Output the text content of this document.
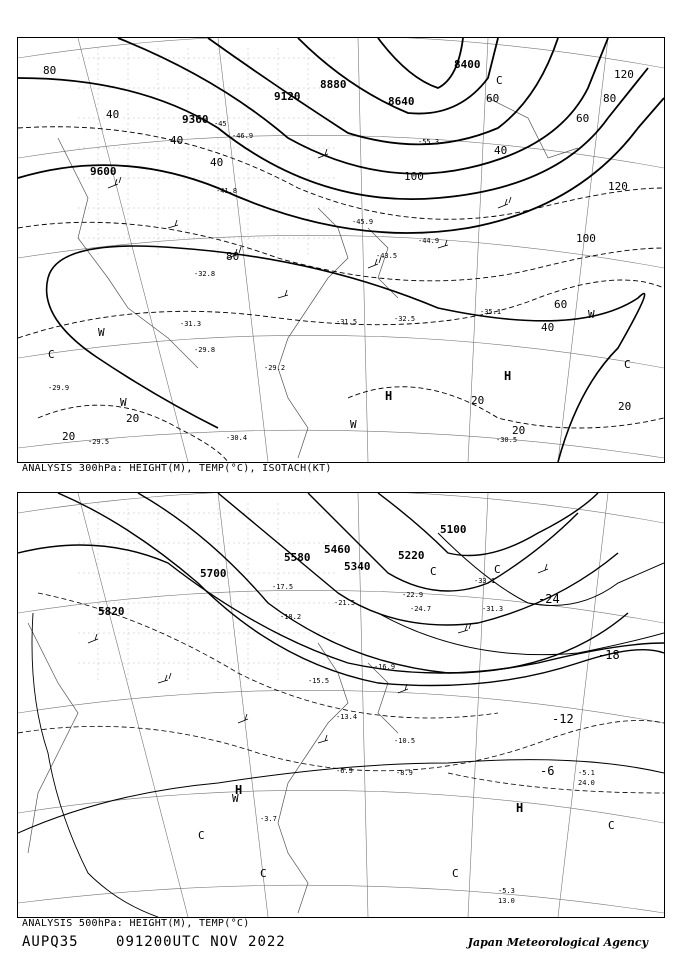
9600
9360
9120
8880
8640
8400
80
40
40
40
80
100
120
60
40
60
80
60
40
20
20	20
20	20
100
120
H
H
W
W
W
W
C
C
C
-45
-41.8
-46.9
-55.3
-45.9
-44.9
-43.5
-31.3
-32.8
-35.1
-32.5
-31.5
-29.9
-29.8
-29.5	-30.5
-29.2
-30.4
ANALYSIS 300hPa: HEIGHT(M), TEMP(°C), ISOTACH(KT)
5820
5700
5580
5460
5340
5220
5100
-24
-18
-12
-6
H
H
C
C
C
C
W
C	C
-17.5
-18.2
-21.5
-22.9
-24.7
-33.1
-31.3
-16.9
-15.5
-13.4
-10.5
-8.9
-6.9	-5.1
-3.7
-5.3
24.0
13.0
ANALYSIS 500hPa: HEIGHT(M), TEMP(°C)
AUPQ35	091200UTC NOV 2022	Japan Meteorological Agency
